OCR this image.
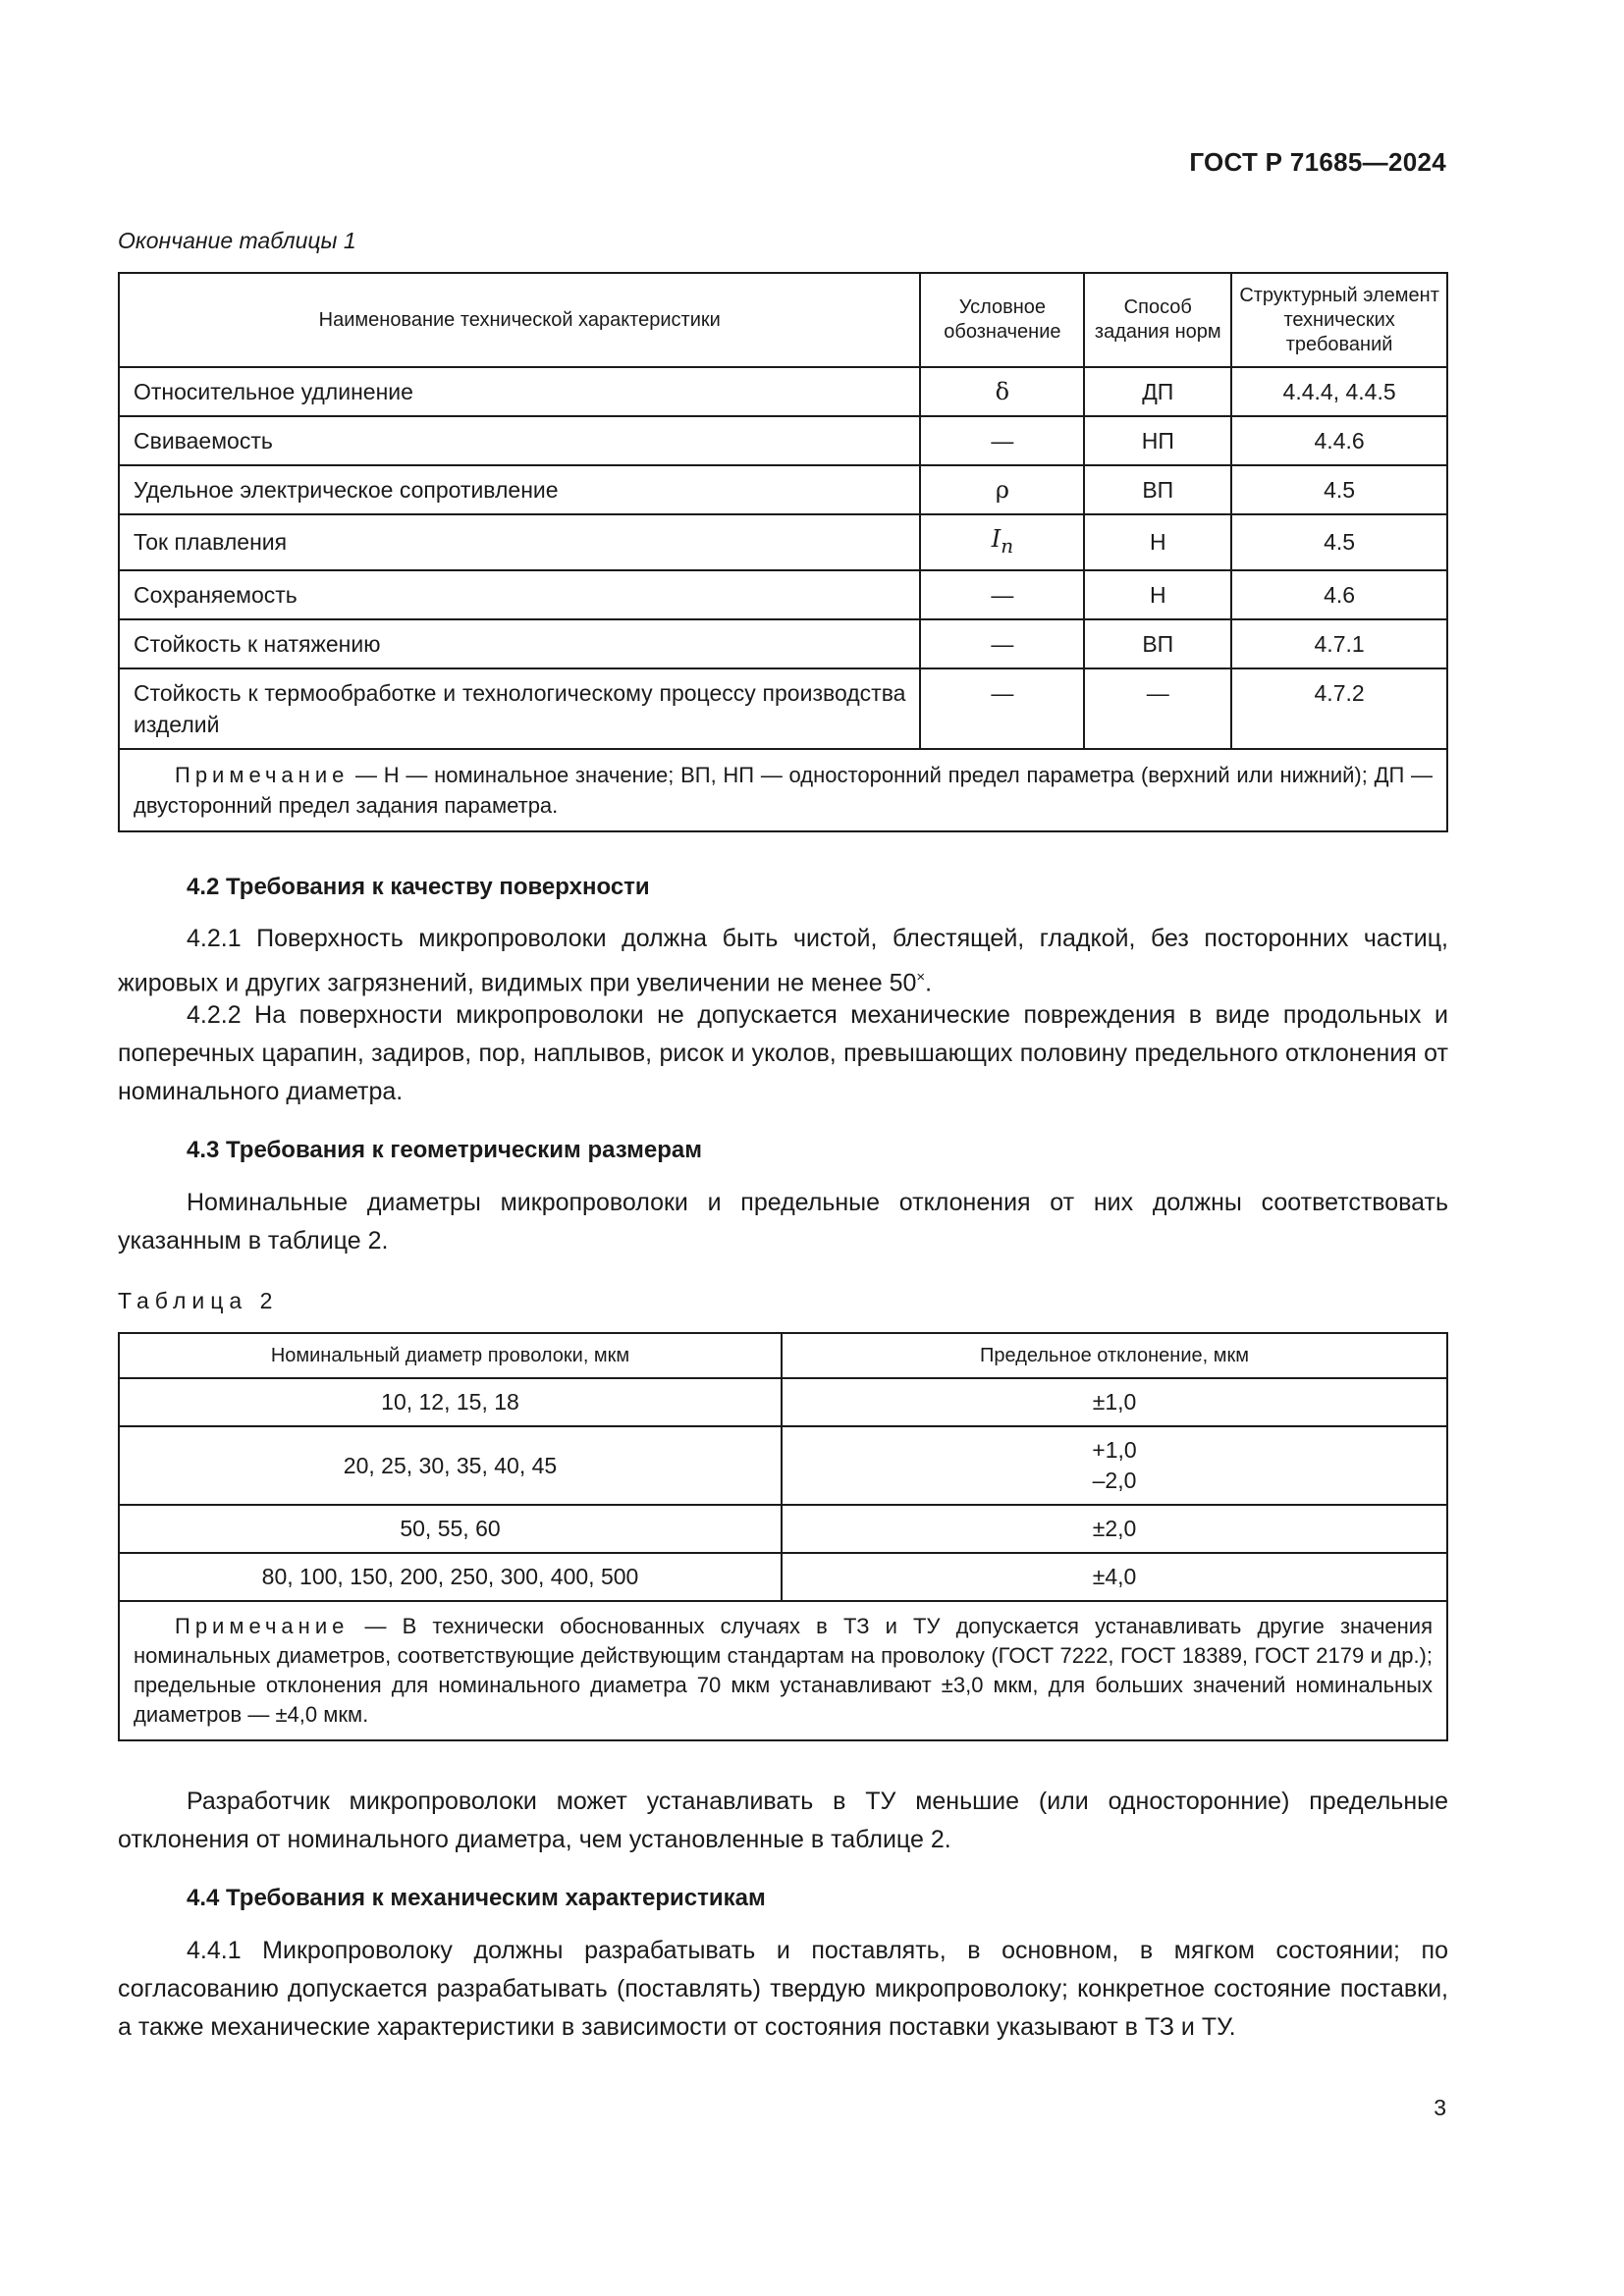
ГОСТ Р 71685—2024
Окончание таблицы 1
Наименование технической характеристики	Условное обозначение	Способ задания норм	Структурный элемент технических требований
Относительное удлинение	δ	ДП	4.4.4, 4.4.5
Свиваемость	—	НП	4.4.6
Удельное электрическое сопротивление	ρ	ВП	4.5
Ток плавления	$I_n$	Н	4.5
Сохраняемость	—	Н	4.6
Стойкость к натяжению	—	ВП	4.7.1
Стойкость к термообработке и технологическому процессу производства изделий	—	—	4.7.2
Примечание — Н — номинальное значение; ВП, НП — односторонний предел параметра (верхний или нижний); ДП — двусторонний предел задания параметра.			
4.2 Требования к качеству поверхности

4.2.1 Поверхность микропроволоки должна быть чистой, блестящей, гладкой, без посторонних частиц, жировых и других загрязнений, видимых при увеличении не менее 50×.

4.2.2 На поверхности микропроволоки не допускается механические повреждения в виде продольных и поперечных царапин, задиров, пор, наплывов, рисок и уколов, превышающих половину предельного отклонения от номинального диаметра.

4.3 Требования к геометрическим размерам

Номинальные диаметры микропроволоки и предельные отклонения от них должны соответствовать указанным в таблице 2.

Таблица 2
Номинальный диаметр проволоки, мкм	Предельное отклонение, мкм
10, 12, 15, 18	±1,0
20, 25, 30, 35, 40, 45	+1,0
–2,0

50, 55, 60	±2,0
80, 100, 150, 200, 250, 300, 400, 500	±4,0
Примечание — В технически обоснованных случаях в ТЗ и ТУ допускается устанавливать другие значения номинальных диаметров, соответствующие действующим стандартам на проволоку (ГОСТ 7222, ГОСТ 18389, ГОСТ 2179 и др.); предельные отклонения для номинального диаметра 70 мкм устанавливают ±3,0 мкм, для больших значений номинальных диаметров — ±4,0 мкм.	

Разработчик микропроволоки может устанавливать в ТУ меньшие (или односторонние) предельные отклонения от номинального диаметра, чем установленные в таблице 2.

4.4 Требования к механическим характеристикам

4.4.1 Микропроволоку должны разрабатывать и поставлять, в основном, в мягком состоянии; по согласованию допускается разрабатывать (поставлять) твердую микропроволоку; конкретное состояние поставки, а также механические характеристики в зависимости от состояния поставки указывают в ТЗ и ТУ.

3
